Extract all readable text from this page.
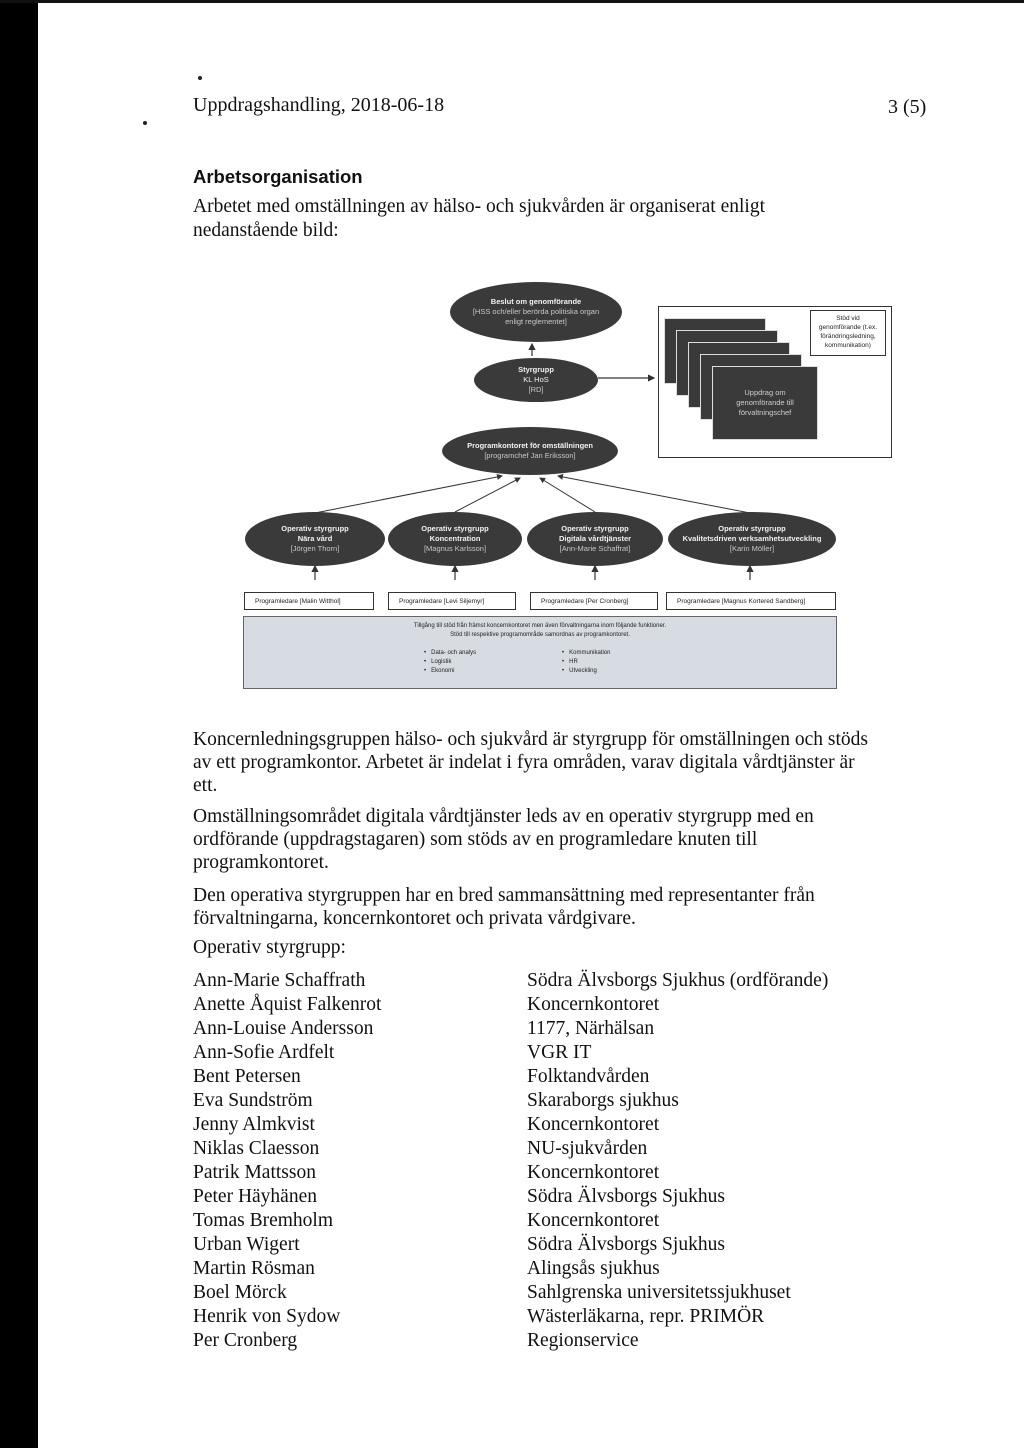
Uppdragshandling, 2018-06-18	3 (5)
Arbetsorganisation
Arbetet med omställningen av hälso- och sjukvården är organiserat enligt
nedanstående bild:
Beslut om genomförande
[HSS och/eller berörda politiska organ
enligt reglementet]
Styrgrupp
KL HoS
[RD]
Programkontoret för omställningen
[programchef Jan Eriksson]
Uppdrag om
genomförande till
förvaltningschef
Stöd vid
genomförande (t.ex.
förändringsledning,
kommunikation)
Operativ styrgrupp
Nära vård
[Jörgen Thorn]
Operativ styrgrupp
Koncentration
[Magnus Karlsson]
Operativ styrgrupp
Digitala vårdtjänster
[Ann-Marie Schaffrat]
Operativ styrgrupp
Kvalitetsdriven verksamhetsutveckling
[Karin Möller]
Programledare [Malin Witthol]	Programledare [Levi Siljemyr]	Programledare [Per Cronberg]	Programledare [Magnus Kortered Sandberg]
Tillgång till stöd från främst koncernkontoret men även förvaltningarna inom följande funktioner.
Stöd till respektive programområde samordnas av programkontoret.
•   Data- och analys
•   Logistik
•   Ekonomi
•   Kommunikation
•   HR
•   Utveckling
Koncernledningsgruppen hälso- och sjukvård är styrgrupp för omställningen och stöds av ett programkontor. Arbetet är indelat i fyra områden, varav digitala vårdtjänster är ett.
Omställningsområdet digitala vårdtjänster leds av en operativ styrgrupp med en ordförande (uppdragstagaren) som stöds av en programledare knuten till programkontoret.
Den operativa styrgruppen har en bred sammansättning med representanter från förvaltningarna, koncernkontoret och privata vårdgivare.
Operativ styrgrupp:
Ann-Marie Schaffrath	Södra Älvsborgs Sjukhus (ordförande)
Anette Åquist Falkenrot	Koncernkontoret
Ann-Louise Andersson	1177, Närhälsan
Ann-Sofie Ardfelt	VGR IT
Bent Petersen	Folktandvården
Eva Sundström	Skaraborgs sjukhus
Jenny Almkvist	Koncernkontoret
Niklas Claesson	NU-sjukvården
Patrik Mattsson	Koncernkontoret
Peter Häyhänen	Södra Älvsborgs Sjukhus
Tomas Bremholm	Koncernkontoret
Urban Wigert	Södra Älvsborgs Sjukhus
Martin Rösman	Alingsås sjukhus
Boel Mörck	Sahlgrenska universitetssjukhuset
Henrik von Sydow	Wästerläkarna, repr. PRIMÖR
Per Cronberg	Regionservice
